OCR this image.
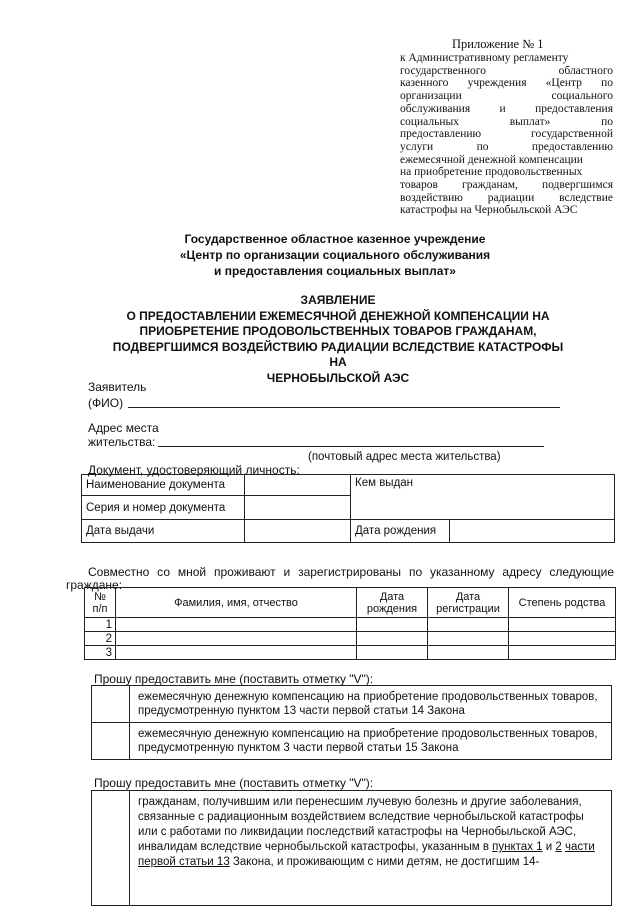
Приложение № 1
к Административному регламенту
государственного областного
казенного учреждения «Центр по
организации социального
обслуживания и предоставления
социальных выплат» по
предоставлению государственной
услуги по предоставлению
ежемесячной денежной компенсации
на приобретение продовольственных
товаров гражданам, подвергшимся
воздействию радиации вследствие
катастрофы на Чернобыльской АЭС
Государственное областное казенное учреждение
«Центр по организации социального обслуживания
и предоставления социальных выплат»
ЗАЯВЛЕНИЕ
О ПРЕДОСТАВЛЕНИИ ЕЖЕМЕСЯЧНОЙ ДЕНЕЖНОЙ КОМПЕНСАЦИИ НА
ПРИОБРЕТЕНИЕ ПРОДОВОЛЬСТВЕННЫХ ТОВАРОВ ГРАЖДАНАМ,
ПОДВЕРГШИМСЯ ВОЗДЕЙСТВИЮ РАДИАЦИИ ВСЛЕДСТВИЕ КАТАСТРОФЫ НА
ЧЕРНОБЫЛЬСКОЙ АЭС
Заявитель
(ФИО)
Адрес места
жительства:
(почтовый адрес места жительства)
Документ, удостоверяющий личность:
Наименование документа		Кем выдан
Серия и номер документа	
Дата выдачи			Дата рождения	
Совместно со мной проживают и зарегистрированы по указанному адресу следующие
граждане:
№ п/п	Фамилия, имя, отчество	Дата рождения	Дата регистрации	Степень родства
1				
2				
3				
Прошу предоставить мне (поставить отметку "V"):
	ежемесячную денежную компенсацию на приобретение продовольственных товаров, предусмотренную пунктом 13 части первой статьи 14 Закона
	ежемесячную денежную компенсацию на приобретение продовольственных товаров, предусмотренную пунктом 3 части первой статьи 15 Закона
Прошу предоставить мне (поставить отметку "V"):
	гражданам, получившим или перенесшим лучевую болезнь и другие заболевания, связанные с радиационным воздействием вследствие чернобыльской катастрофы или с работами по ликвидации последствий катастрофы на Чернобыльской АЭС, инвалидам вследствие чернобыльской катастрофы, указанным в пунктах 1 и 2 части первой статьи 13 Закона, и проживающим с ними детям, не достигшим 14-
